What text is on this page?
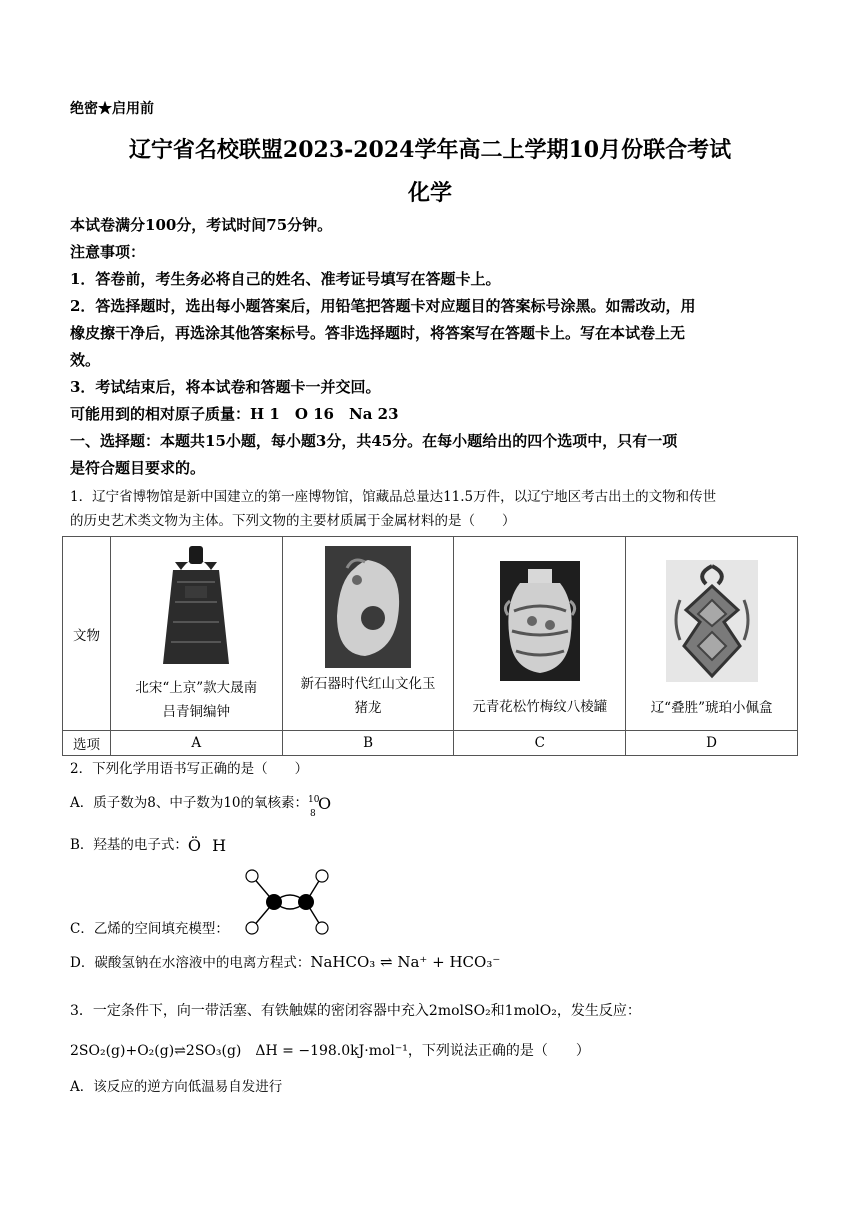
绝密★启用前
辽宁省名校联盟2023-2024学年高二上学期10月份联合考试
化学
本试卷满分100分，考试时间75分钟。
注意事项：
1．答卷前，考生务必将自己的姓名、准考证号填写在答题卡上。
2．答选择题时，选出每小题答案后，用铅笔把答题卡对应题目的答案标号涂黑。如需改动，用
橡皮擦干净后，再选涂其他答案标号。答非选择题时，将答案写在答题卡上。写在本试卷上无
效。
3．考试结束后，将本试卷和答题卡一并交回。
可能用到的相对原子质量：H 1　O 16　Na 23
一、选择题：本题共15小题，每小题3分，共45分。在每小题给出的四个选项中，只有一项
是符合题目要求的。
1．辽宁省博物馆是新中国建立的第一座博物馆，馆藏品总量达11.5万件，以辽宁地区考古出土的文物和传世
的历史艺术类文物为主体。下列文物的主要材质属于金属材料的是（　　）
文物	北宋“上京”款大晟南
吕青铜编钟	新石器时代红山文化玉
猪龙	元青花松竹梅纹八棱罐	辽“叠胜”琥珀小佩盒

选项	A	B	C	D
2．下列化学用语书写正确的是（　　）
A．质子数为8、中子数为10的氧核素： 10
8
O
B．羟基的电子式：Ö H
C．乙烯的空间填充模型：
D．碳酸氢钠在水溶液中的电离方程式：NaHCO₃ ⇌ Na⁺ + HCO₃⁻
3．一定条件下，向一带活塞、有铁触媒的密闭容器中充入2molSO₂和1molO₂，发生反应：
2SO₂(g)+O₂(g)⇌2SO₃(g)　ΔH = −198.0kJ·mol⁻¹，下列说法正确的是（　　）
A．该反应的逆方向低温易自发进行
